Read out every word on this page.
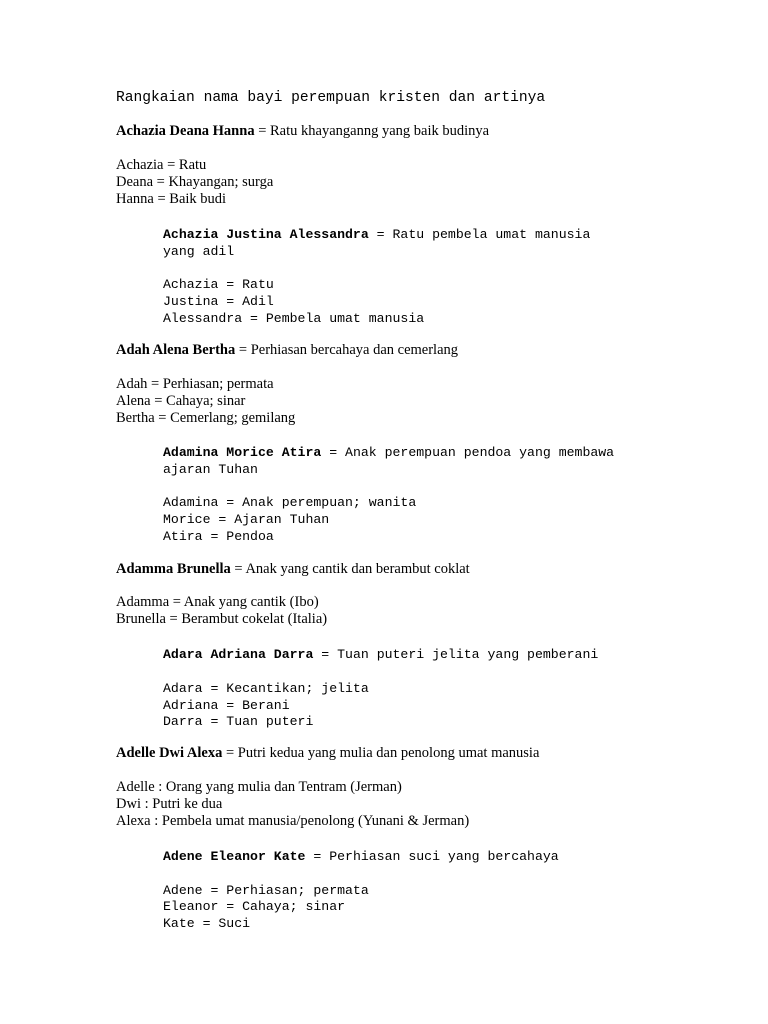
Rangkaian nama bayi perempuan kristen dan artinya
Achazia Deana Hanna = Ratu khayanganng yang baik budinya
Achazia = Ratu
Deana = Khayangan; surga
Hanna = Baik budi
Achazia Justina Alessandra = Ratu pembela umat manusia
yang adil
Achazia = Ratu
Justina = Adil
Alessandra = Pembela umat manusia
Adah Alena Bertha = Perhiasan bercahaya dan cemerlang
Adah = Perhiasan; permata
Alena = Cahaya; sinar
Bertha = Cemerlang; gemilang
Adamina Morice Atira = Anak perempuan pendoa yang membawa
ajaran Tuhan
Adamina = Anak perempuan; wanita
Morice = Ajaran Tuhan
Atira = Pendoa
Adamma Brunella = Anak yang cantik dan berambut coklat
Adamma = Anak yang cantik (Ibo)
Brunella = Berambut cokelat (Italia)
Adara Adriana Darra = Tuan puteri jelita yang pemberani
Adara = Kecantikan; jelita
Adriana = Berani
Darra = Tuan puteri
Adelle Dwi Alexa = Putri kedua yang mulia dan penolong umat manusia
Adelle : Orang yang mulia dan Tentram (Jerman)
Dwi : Putri ke dua
Alexa : Pembela umat manusia/penolong (Yunani & Jerman)
Adene Eleanor Kate = Perhiasan suci yang bercahaya
Adene = Perhiasan; permata
Eleanor = Cahaya; sinar
Kate = Suci
